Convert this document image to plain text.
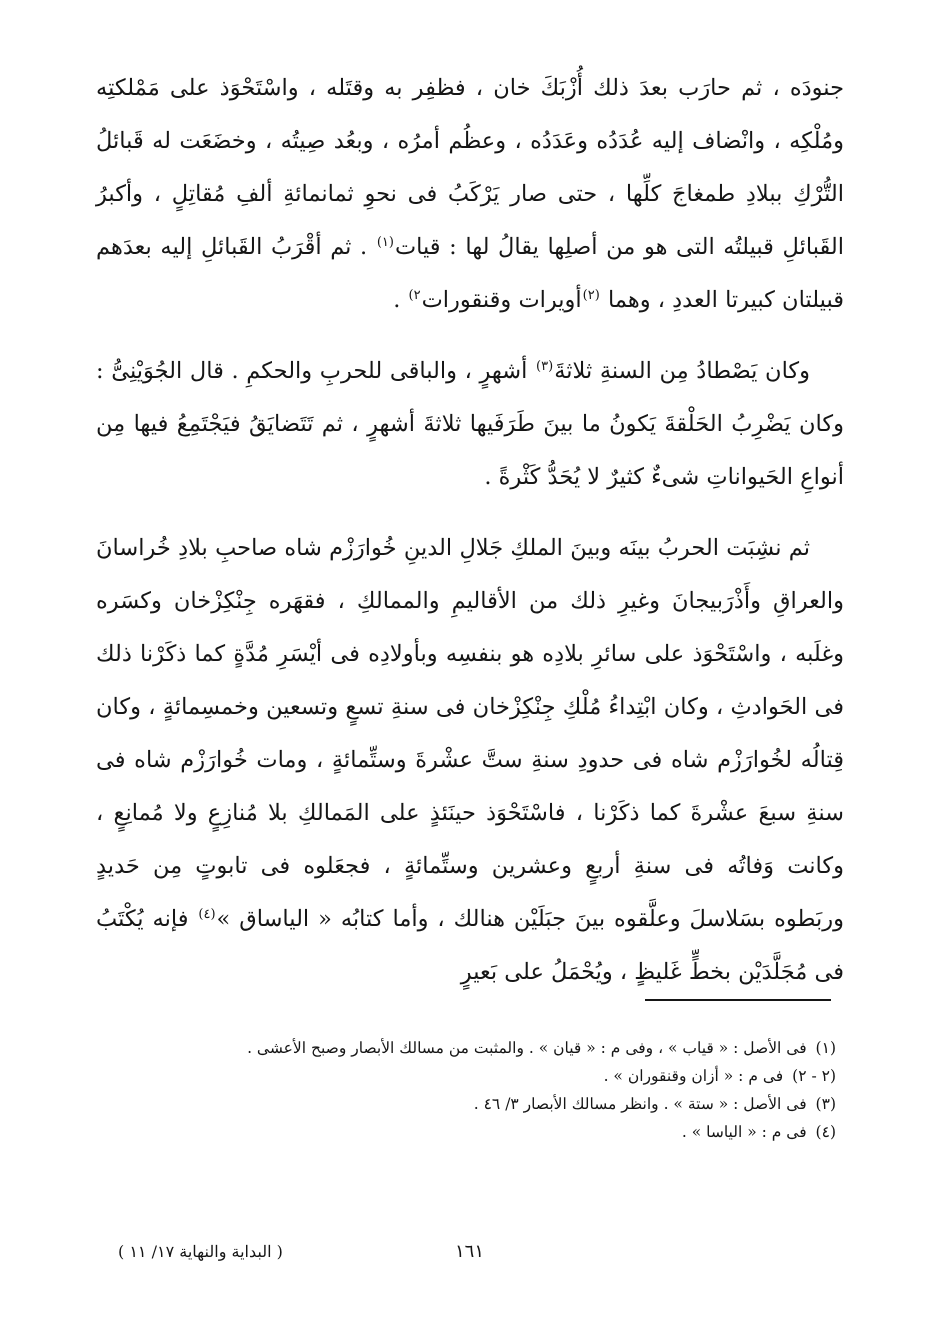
جنودَه ، ثم حارَب بعدَ ذلك أُزْبَكَ خان ، فظفِر به وقتَله ، واسْتَحْوَذ على مَمْلكتِه ومُلْكِه ، وانْضاف إليه عُدَدُه وعَدَدُه ، وعظُم أمرُه ، وبعُد صِيتُه ، وخضَعَت له قَبائلُ التُّرْكِ ببلادِ طمغاجَ كلِّها ، حتى صار يَرْكَبُ فى نحوِ ثمانمائةِ ألفِ مُقاتِلٍ ، وأكبرُ القَبائلِ قبيلتُه التى هو من أصلِها يقالُ لها : قيات$^{(١)}$ . ثم أقْرَبُ القَبائلِ إليه بعدَهم قبيلتان كبيرتا العددِ ، وهما $^{(٢)}$أويرات وقنقورات$^{٢)}$ .

وكان يَصْطادُ مِن السنةِ ثلاثةَ$^{(٣)}$ أشهرٍ ، والباقى للحربِ والحكمِ . قال الجُوَيْنِىُّ : وكان يَضْرِبُ الحَلْقةَ يَكونُ ما بينَ طَرَفَيها ثلاثةَ أشهرٍ ، ثم تَتَضايَقُ فيَجْتَمِعُ فيها مِن أنواعِ الحَيواناتِ شىءٌ كثيرٌ لا يُحَدُّ كَثْرةً .

ثم نشِبَت الحربُ بينَه وبينَ الملكِ جَلالِ الدينِ خُوارَزْم شاه صاحبِ بلادِ خُراسانَ والعراقِ وأَذْرَبيجانَ وغيرِ ذلك من الأقاليمِ والممالكِ ، فقهَره جِنْكِزْخان وكسَره وغلَبه ، واسْتَحْوَذ على سائرِ بلادِه هو بنفسِه وبأولادِه فى أيْسَرِ مُدَّةٍ كما ذكَرْنا ذلك فى الحَوادثِ ، وكان ابْتِداءُ مُلْكِ جِنْكِزْخان فى سنةِ تسعٍ وتسعين وخمسِمائةٍ ، وكان قِتالُه لخُوارَزْم شاه فى حدودِ سنةِ ستَّ عشْرةَ وستِّمائةٍ ، ومات خُوارَزْم شاه فى سنةِ سبعَ عشْرةَ كما ذكَرْنا ، فاسْتَحْوَذ حينَئذٍ على المَمالكِ بلا مُنازِعٍ ولا مُمانِعٍ ، وكانت وَفاتُه فى سنةِ أربعٍ وعشرين وستِّمائةٍ ، فجعَلوه فى تابوتٍ مِن حَديدٍ وربَطوه بسَلاسلَ وعلَّقوه بينَ جبَلَيْن هنالك ، وأما كتابُه « الياساق »$^{(٤)}$ فإنه يُكْتَبُ فى مُجَلَّدَيْن بخطٍّ غَليظٍ ، ويُحْمَلُ على بَعيرٍ

(١) فى الأصل : « قياب » ، وفى م : « قيان » . والمثبت من مسالك الأبصار وصبح الأعشى .

(٢ - ٢) فى م : « أزان وقنقوران » .

(٣) فى الأصل : « ستة » . وانظر مسالك الأبصار ٣/ ٤٦ .

(٤) فى م : « الياسا » .

( البداية والنهاية ١٧/ ١١ )	١٦١
